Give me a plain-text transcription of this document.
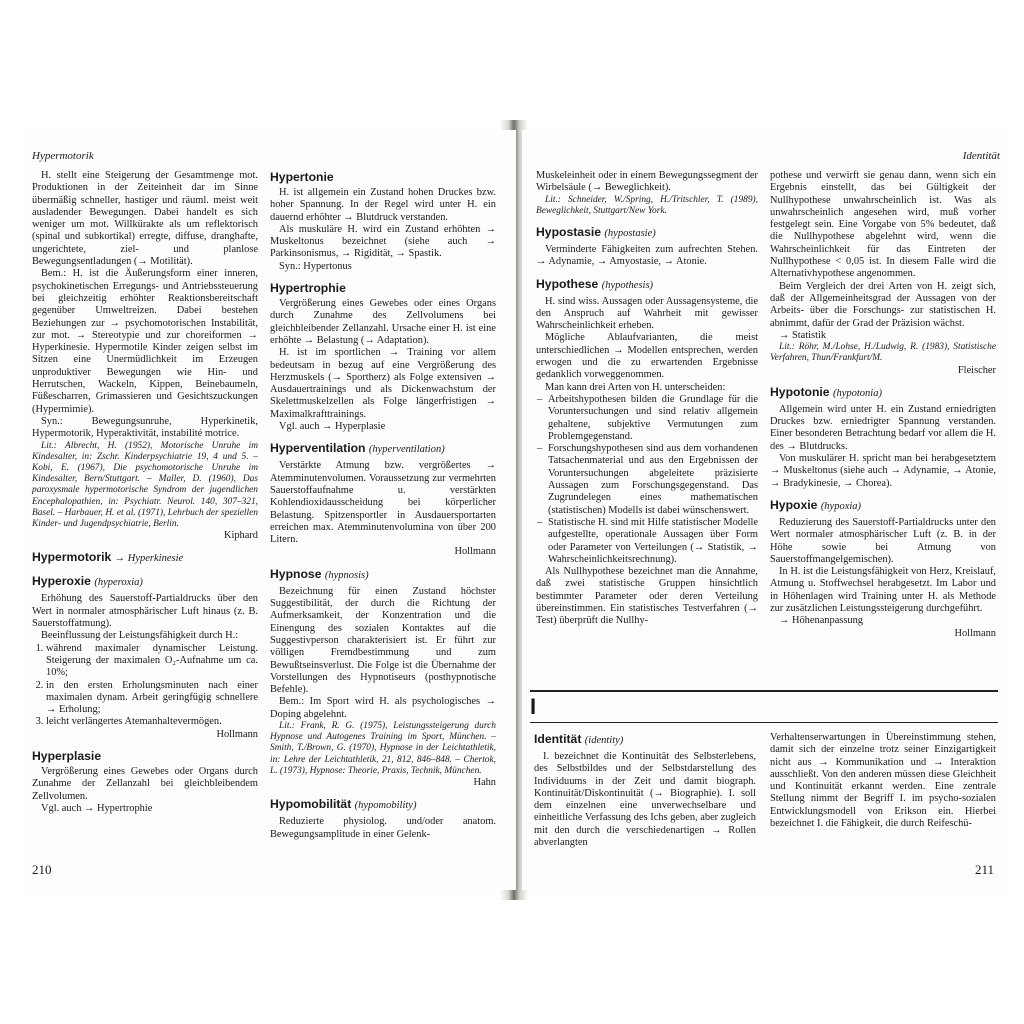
Hypermotorik

H. stellt eine Steigerung der Gesamtmenge mot. Produktionen in der Zeiteinheit dar im Sinne übermäßig schneller, hastiger und räuml. meist weit ausladender Bewegungen. Dabei handelt es sich weniger um mot. Willkürakte als um reflektorisch (spinal und subkortikal) erregte, diffuse, dranghafte, ungerichtete, ziel- und planlose Bewegungsentladungen (→ Motilität).

Bem.: H. ist die Äußerungsform einer inneren, psychokinetischen Erregungs- und Antriebssteuerung bei gleichzeitig erhöhter Reaktionsbereitschaft gegenüber Umweltreizen. Dabei bestehen Beziehungen zur → psychomotorischen Instabilität, zur mot. → Stereotypie und zur choreiformen → Hyperkinesie. Hypermotile Kinder zeigen selbst im Sitzen eine Unermüdlichkeit im Erzeugen unproduktiver Bewegungen wie Hin- und Herrutschen, Wackeln, Kippen, Beinebaumeln, Füßescharren, Grimassieren und Gesichtszuckungen (Hypermimie).

Syn.: Bewegungsunruhe, Hyperkinetik, Hypermotorik, Hyperaktivität, instabilité motrice.

Lit.: Albrecht, H. (1952), Motorische Unruhe im Kindesalter, in: Zschr. Kinderpsychiatrie 19, 4 und 5. – Kobi, E. (1967), Die psychomotorische Unruhe im Kindesalter, Bern/Stuttgart. – Maller, D. (1960), Das paroxysmale hypermotorische Syndrom der jugendlichen Encephalopathien, in: Psychiatr. Neurol. 140, 307–321, Basel. – Harbauer, H. et al. (1971), Lehrbuch der speziellen Kinder- und Jugendpsychiatrie, Berlin.

Kiphard

Hypermotorik → Hyperkinesie
Hyperoxie (hyperoxia)

Erhöhung des Sauerstoff-Partialdrucks über den Wert in normaler atmosphärischer Luft hinaus (z. B. Sauerstoffatmung).

Beeinflussung der Leistungsfähigkeit durch H.:

1. während maximaler dynamischer Leistung. Steigerung der maximalen O₂-Aufnahme um ca. 10%;
2. in den ersten Erholungsminuten nach einer maximalen dynam. Arbeit geringfügig schnellere → Erholung;
3. leicht verlängertes Atemanhaltevermögen.

Hollmann

Hyperplasie

Vergrößerung eines Gewebes oder Organs durch Zunahme der Zellanzahl bei gleichbleibendem Zellvolumen.

Vgl. auch → Hypertrophie

Hypertonie

H. ist allgemein ein Zustand hohen Druckes bzw. hoher Spannung. In der Regel wird unter H. ein dauernd erhöhter → Blutdruck verstanden.

Als muskuläre H. wird ein Zustand erhöhten → Muskeltonus bezeichnet (siehe auch → Parkinsonismus, → Rigidität, → Spastik.

Syn.: Hypertonus

Hypertrophie

Vergrößerung eines Gewebes oder eines Organs durch Zunahme des Zellvolumens bei gleichbleibender Zellanzahl. Ursache einer H. ist eine erhöhte → Belastung (→ Adaptation).

H. ist im sportlichen → Training vor allem bedeutsam in bezug auf eine Vergrößerung des Herzmuskels (→ Sportherz) als Folge extensiven → Ausdauertrainings und als Dickenwachstum der Skelettmuskelzellen als Folge längerfristigen → Maximalkrafttrainings.

Vgl. auch → Hyperplasie

Hyperventilation (hyperventilation)

Verstärkte Atmung bzw. vergrößertes → Atemminutenvolumen. Voraussetzung zur vermehrten Sauerstoffaufnahme u. verstärkten Kohlendioxidausscheidung bei körperlicher Belastung. Spitzensportler in Ausdauersportarten erreichen max. Atemminutenvolumina von über 200 Litern.

Hollmann

Hypnose (hypnosis)

Bezeichnung für einen Zustand höchster Suggestibilität, der durch die Richtung der Aufmerksamkeit, der Konzentration und die Einengung des sozialen Kontaktes auf die Suggestivperson charakterisiert ist. Er führt zur völligen Fremdbestimmung und zum Bewußtseinsverlust. Die Folge ist die Übernahme der Vorstellungen des Hypnotiseurs (posthypnotische Befehle).

Bem.: Im Sport wird H. als psychologisches → Doping abgelehnt.

Lit.: Frank, R. G. (1975), Leistungssteigerung durch Hypnose und Autogenes Training im Sport, München. – Smith, T./Brown, G. (1970), Hypnose in der Leichtathletik, in: Lehre der Leichtathletik, 21, 812, 846–848. – Chertok, L. (1973), Hypnose: Theorie, Praxis, Technik, München.

Hahn

Hypomobilität (hypomobility)

Reduzierte physiolog. und/oder anatom. Bewegungsamplitude in einer Gelenk-

210
Identität

Muskeleinheit oder in einem Bewegungssegment der Wirbelsäule (→ Beweglichkeit).

Lit.: Schneider, W./Spring, H./Tritschler, T. (1989), Beweglichkeit, Stuttgart/New York.

Hypostasie (hypostasie)

Verminderte Fähigkeiten zum aufrechten Stehen. → Adynamie, → Amyostasie, → Atonie.

Hypothese (hypothesis)

H. sind wiss. Aussagen oder Aussagensysteme, die den Anspruch auf Wahrheit mit gewisser Wahrscheinlichkeit erheben.

Mögliche Ablaufvarianten, die meist unterschiedlichen → Modellen entsprechen, werden erwogen und die zu erwartenden Ergebnisse gedanklich vorweggenommen.

Man kann drei Arten von H. unterscheiden:

– Arbeitshypothesen bilden die Grundlage für die Voruntersuchungen und sind relativ allgemein gehaltene, subjektive Vermutungen zum Problemgegenstand.
– Forschungshypothesen sind aus dem vorhandenen Tatsachenmaterial und aus den Ergebnissen der Voruntersuchungen abgeleitete präzisierte Aussagen zum Forschungsgegenstand. Das Zugrundelegen eines mathematischen (statistischen) Modells ist dabei wünschenswert.
– Statistische H. sind mit Hilfe statistischer Modelle aufgestellte, operationale Aussagen über Form oder Parameter von Verteilungen (→ Statistik, → Wahrscheinlichkeitsrechnung).

Als Nullhypothese bezeichnet man die Annahme, daß zwei statistische Gruppen hinsichtlich bestimmter Parameter oder deren Verteilung übereinstimmen. Ein statistisches Testverfahren (→ Test) überprüft die Nullhy-

pothese und verwirft sie genau dann, wenn sich ein Ergebnis einstellt, das bei Gültigkeit der Nullhypothese unwahrscheinlich ist. Was als unwahrscheinlich angesehen wird, muß vorher festgelegt sein. Eine Vorgabe von 5% bedeutet, daß die Nullhypothese abgelehnt wird, wenn die Wahrscheinlichkeit für das Eintreten der Nullhypothese < 0,05 ist. In diesem Falle wird die Alternativhypothese angenommen.

Beim Vergleich der drei Arten von H. zeigt sich, daß der Allgemeinheitsgrad der Aussagen von der Arbeits- über die Forschungs- zur statistischen H. abnimmt, dafür der Grad der Präzision wächst.

→ Statistik

Lit.: Röhr, M./Lohse, H./Ludwig, R. (1983), Statistische Verfahren, Thun/Frankfurt/M.

Fleischer

Hypotonie (hypotonia)

Allgemein wird unter H. ein Zustand erniedrigten Druckes bzw. erniedrigter Spannung verstanden. Einer besonderen Betrachtung bedarf vor allem die H. des → Blutdrucks.

Von muskulärer H. spricht man bei herabgesetztem → Muskeltonus (siehe auch → Adynamie, → Atonie, → Bradykinesie, → Chorea).

Hypoxie (hypoxia)

Reduzierung des Sauerstoff-Partialdrucks unter den Wert normaler atmosphärischer Luft (z. B. in der Höhe sowie bei Atmung von Sauerstoffmangelgemischen).

In H. ist die Leistungsfähigkeit von Herz, Kreislauf, Atmung u. Stoffwechsel herabgesetzt. Im Labor und in Höhenlagen wird Training unter H. als Methode zur zusätzlichen Leistungssteigerung durchgeführt.

→ Höhenanpassung

Hollmann

I
Identität (identity)

I. bezeichnet die Kontinuität des Selbsterlebens, des Selbstbildes und der Selbstdarstellung des Individuums in der Zeit und damit biograph. Kontinuität/Diskontinuität (→ Biographie). I. soll dem einzelnen eine unverwechselbare und einheitliche Verfassung des Ichs geben, aber zugleich mit den durch die verschiedenartigen → Rollen abverlangten

Verhaltenserwartungen in Übereinstimmung stehen, damit sich der einzelne trotz seiner Einzigartigkeit nicht aus → Kommunikation und → Interaktion ausschließt. Von den anderen müssen diese Gleichheit und Kontinuität erkannt werden. Eine zentrale Stellung nimmt der Begriff I. im psycho-sozialen Entwicklungsmodell von Erikson ein. Hierbei bezeichnet I. die Fähigkeit, die durch Reifeschü-

211
